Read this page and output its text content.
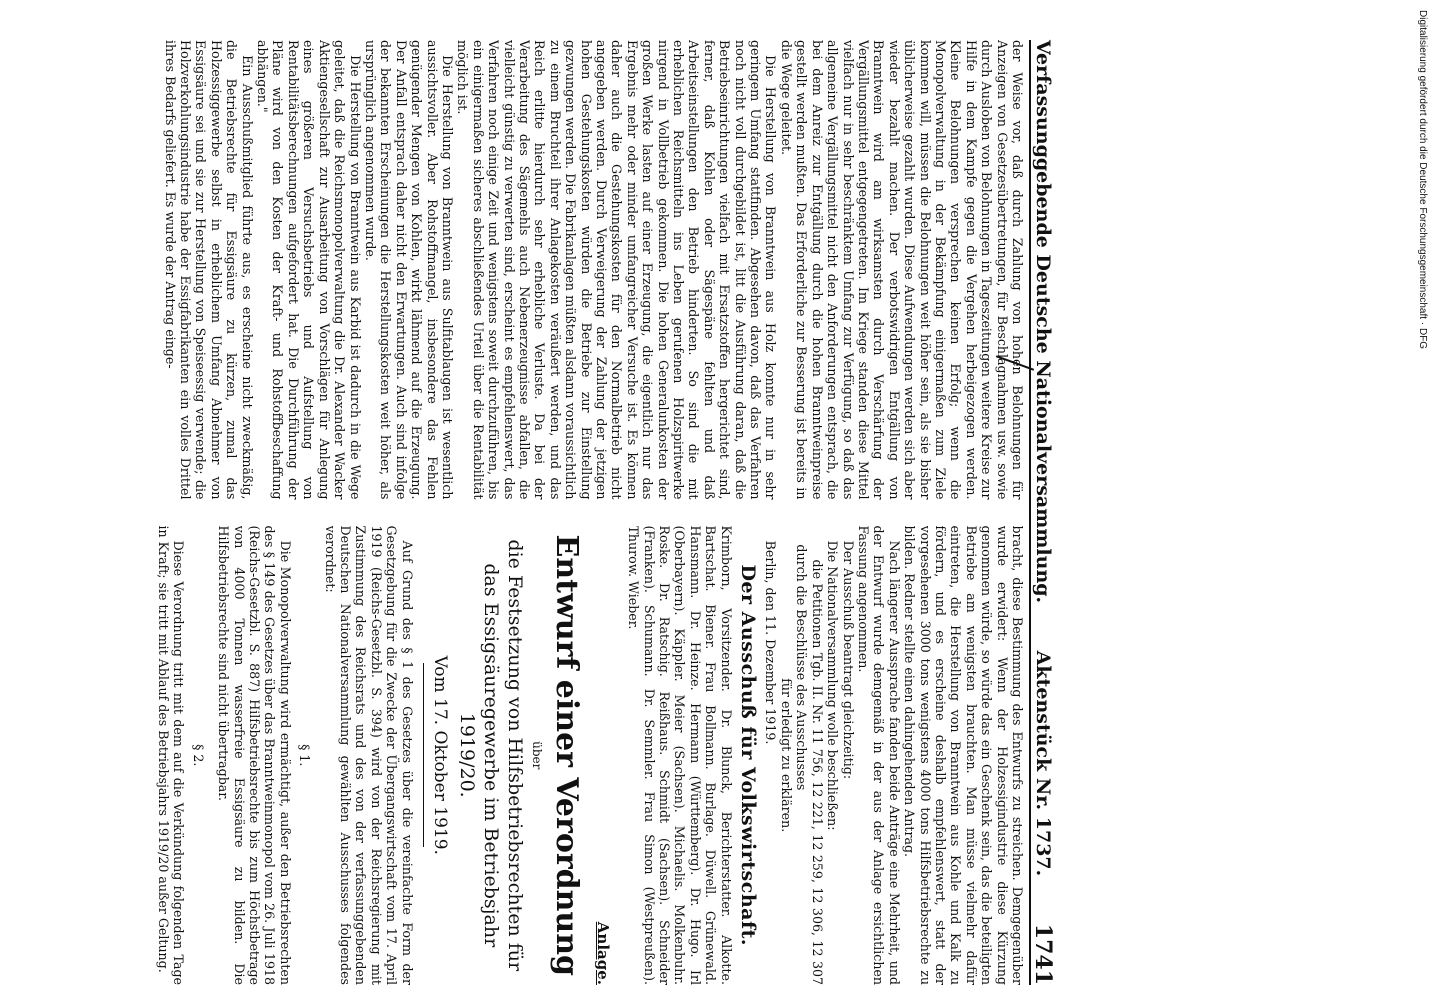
Verfassunggebende Deutsche Nationalversammlung.
Aktenstück Nr. 1737.
1741

der Weise vor, daß durch Zahlung von hohen Belohnungen für Anzeigen von Gesetzesübertretungen, für Beschlagnahmen usw. sowie durch Ausloben von Belohnungen in Tageszeitungen weitere Kreise zur Hilfe in dem Kampfe gegen die Vergehen herbeigezogen werden. Kleine Belohnungen versprechen keinen Erfolg; wenn die Monopolverwaltung in der Bekämpfung einigermaßen zum Ziele kommen will, müssen die Belohnungen weit höher sein, als sie bisher üblicherweise gezahlt wurden. Diese Aufwendungen werden sich aber wieder bezahlt machen. Der verbotswidrigen Entgällung von Branntwein wird am wirksamsten durch Verschärfung der Vergällungsmittel entgegengetreten. Im Kriege standen diese Mittel vielfach nur in sehr beschränktem Umfang zur Verfügung, so daß das allgemeine Vergällungsmittel nicht den Anforderungen entsprach, die bei dem Anreiz zur Entgällung durch die hohen Branntweinpreise gestellt werden mußten. Das Erforderliche zur Besserung ist bereits in die Wege geleitet.

Die Herstellung von Branntwein aus Holz konnte nur in sehr geringem Umfang stattfinden. Abgesehen davon, daß das Verfahren noch nicht voll durchgebildet ist, litt die Ausführung daran, daß die Betriebseinrichtungen vielfach mit Ersatzstoffen hergerichtet sind, ferner, daß Kohlen oder Sägespäne fehlten und daß Arbeitseinstellungen den Betrieb hinderten. So sind die mit erheblichen Reichsmitteln ins Leben gerufenen Holzspiritwerke nirgend in Vollbetrieb gekommen. Die hohen Generalunkosten der großen Werke lasten auf einer Erzeugung, die eigentlich nur das Ergebnis mehr oder minder umfangreicher Versuche ist. Es können daher auch die Gestehungskosten für den Normalbetrieb nicht angegeben werden. Durch Verweigerung der Zahlung der jetzigen hohen Gestehungskosten würden die Betriebe zur Einstellung gezwungen werden. Die Fabrikanlagen müßten alsdann voraussichtlich zu einem Bruchteil ihrer Anlagekosten veräußert werden, und das Reich erlitte hierdurch sehr erhebliche Verluste. Da bei der Verarbeitung des Sägemehls auch Nebenerzeugnisse abfallen, die vielleicht günstig zu verwerten sind, erscheint es empfehlenswert, das Verfahren noch einige Zeit und wenigstens soweit durchzuführen, bis ein einigermaßen sicheres abschließendes Urteil über die Rentabilität möglich ist.

Die Herstellung von Branntwein aus Sulfitablaugen ist wesentlich aussichtsvoller. Aber Rohstoffmangel, insbesondere das Fehlen genügender Mengen von Kohlen, wirkt lähmend auf die Erzeugung. Der Anfall entsprach daher nicht den Erwartungen. Auch sind infolge der bekannten Erscheinungen die Herstellungskosten weit höher, als ursprünglich angenommen wurde.

Die Herstellung von Branntwein aus Karbid ist dadurch in die Wege geleitet, daß die Reichsmonopolverwaltung die Dr. Alexander Wacker Aktiengesellschaft zur Ausarbeitung von Vorschlägen für Anlegung eines größeren Versuchsbetriebs und Aufstellung von Rentabilitätsberechnungen aufgefordert hat. Die Durchführung der Pläne wird von den Kosten der Kraft- und Rohstoffbeschaffung abhängen."

Ein Ausschußmitglied führte aus, es erscheine nicht zweckmäßig, die Betriebsrechte für Essigsäure zu kürzen, zumal das Holzessiggewerbe selbst in erheblichem Umfang Abnehmer von Essigsäure sei und sie zur Herstellung von Speiseessig verwende; die Holzverkohlungsindustrie habe der Essigfabrikanten ein volles Drittel ihres Bedarfs geliefert. Es wurde der Antrag einge-

bracht, diese Bestimmung des Entwurfs zu streichen. Demgegenüber wurde erwidert: Wenn der Holzessigindustrie diese Kürzung genommen würde, so würde das ein Geschenk sein, das die beteiligten Betriebe am wenigsten brauchten. Man müsse vielmehr dafür eintreten, die Herstellung von Branntwein aus Kohle und Kalk zu fördern, und es erscheine deshalb empfehlenswert, statt der vorgesehenen 3000 tons wenigstens 4000 tons Hilfsbetriebsrechte zu bilden. Redner stellte einen dahingehenden Antrag.

Nach längerer Aussprache fanden beide Anträge eine Mehrheit, und der Entwurf wurde demgemäß in der aus der Anlage ersichtlichen Fassung angenommen.

Der Ausschuß beantragt gleichzeitig:

Die Nationalversammlung wolle beschließen:

die Petitionen Tgb. II. Nr. 11 756, 12 221, 12 259, 12 306, 12 307 durch die Beschlüsse des Ausschusses

für erledigt zu erklären.

Berlin, den 11. Dezember 1919.

Der Ausschuß für Volkswirtschaft.

Krimborn, Vorsitzender. Dr. Blunck, Berichterstatter. Alkotte. Bartschat. Biener. Frau Bollmann. Burlage. Düwell. Grünewald. Hansmann. Dr. Heinze. Hermann (Württemberg). Dr. Hugo. Irl (Oberbayern). Käppler. Meier (Sachsen). Michaelis. Molkenbuhr. Roske. Dr. Ratschig. Reißhaus. Schmidt (Sachsen). Schneider (Franken). Schumann. Dr. Semmler. Frau Simon (Westpreußen). Thurow. Wieber.

Anlage.
Entwurf einer Verordnung
über
die Festsetzung von Hilfsbetriebsrechten für das Essigsäuregewerbe im Betriebsjahr 1919/20.
Vom 17. Oktober 1919.

Auf Grund des § 1 des Gesetzes über die vereinfachte Form der Gesetzgebung für die Zwecke der Übergangswirtschaft vom 17. April 1919 (Reichs-Gesetzbl. S. 394) wird von der Reichsregierung mit Zustimmung des Reichsrats und des von der verfassunggebenden Deutschen Nationalversammlung gewählten Ausschusses folgendes verordnet:

§ 1.

Die Monopolverwaltung wird ermächtigt, außer den Betriebsrechten des § 149 des Gesetzes über das Branntweinmonopol vom 26. Juli 1918 (Reichs-Gesetzbl. S. 887) Hilfsbetriebsrechte bis zum Höchstbetrage von 4000 Tonnen wasserfreie Essigsäure zu bilden. Die Hilfsbetriebsrechte sind nicht übertragbar.

§ 2.

Diese Verordnung tritt mit dem auf die Verkündung folgenden Tage in Kraft; sie tritt mit Ablauf des Betriebsjahrs 1919/20 außer Geltung.

Digitalisierung gefördert durch die Deutsche Forschungsgemeinschaft · DFG
